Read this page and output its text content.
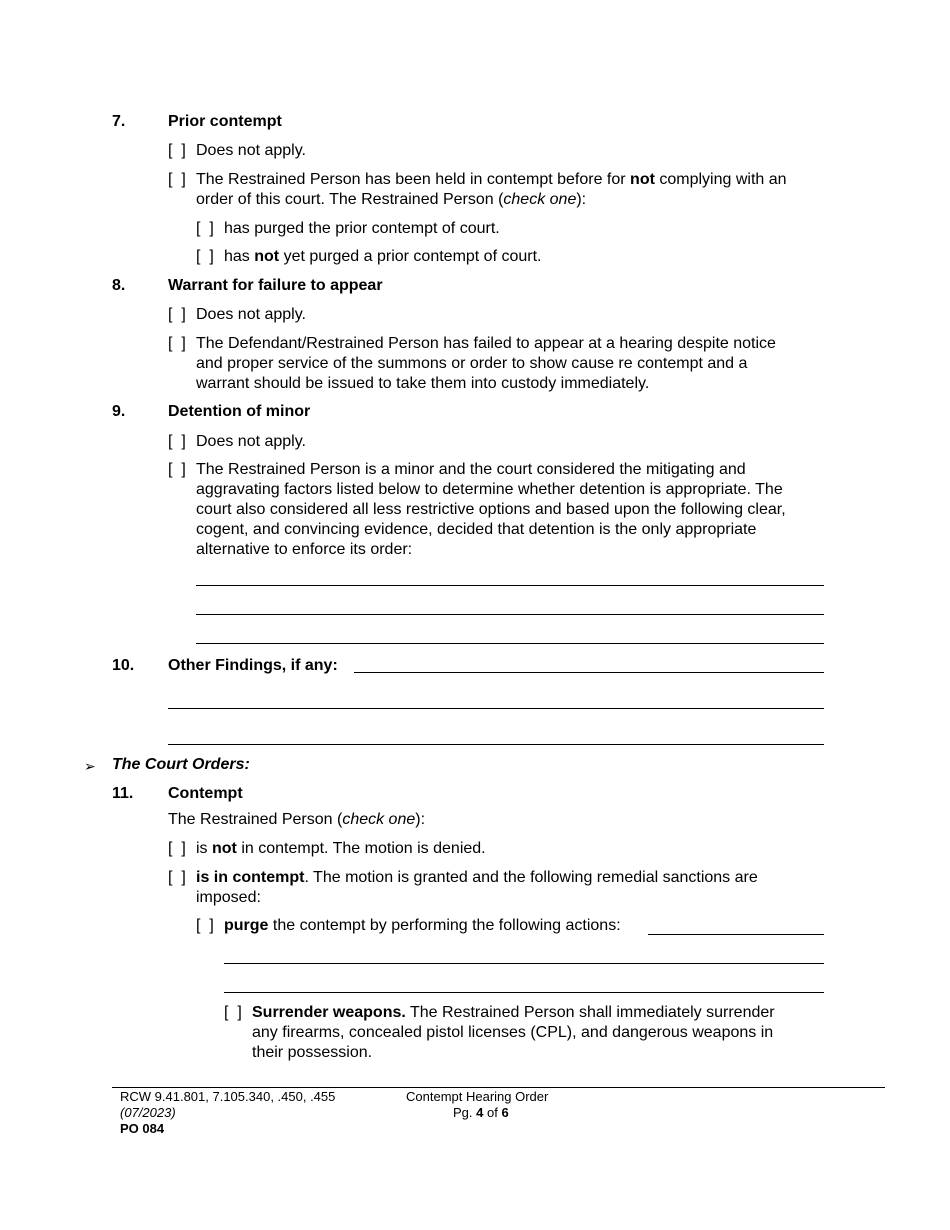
7.	Prior contempt
[  ] Does not apply.
[  ] The Restrained Person has been held in contempt before for not complying with an
order of this court. The Restrained Person (check one):
[  ] has purged the prior contempt of court.
[  ] has not yet purged a prior contempt of court.
8.	Warrant for failure to appear
[  ] Does not apply.
[  ] The Defendant/Restrained Person has failed to appear at a hearing despite notice
and proper service of the summons or order to show cause re contempt and a
warrant should be issued to take them into custody immediately.
9.	Detention of minor
[  ] Does not apply.
[  ] The Restrained Person is a minor and the court considered the mitigating and
aggravating factors listed below to determine whether detention is appropriate. The
court also considered all less restrictive options and based upon the following clear,
cogent, and convincing evidence, decided that detention is the only appropriate
alternative to enforce its order:
10. Other Findings, if any:
➢ The Court Orders:
11. Contempt
The Restrained Person (check one):
[  ] is not in contempt. The motion is denied.
[  ] is in contempt. The motion is granted and the following remedial sanctions are
imposed:
[  ] purge the contempt by performing the following actions:
[  ] Surrender weapons. The Restrained Person shall immediately surrender
any firearms, concealed pistol licenses (CPL), and dangerous weapons in
their possession.
RCW 9.41.801, 7.105.340, .450, .455
(07/2023)
PO 084
Contempt Hearing Order
Pg. 4 of 6
